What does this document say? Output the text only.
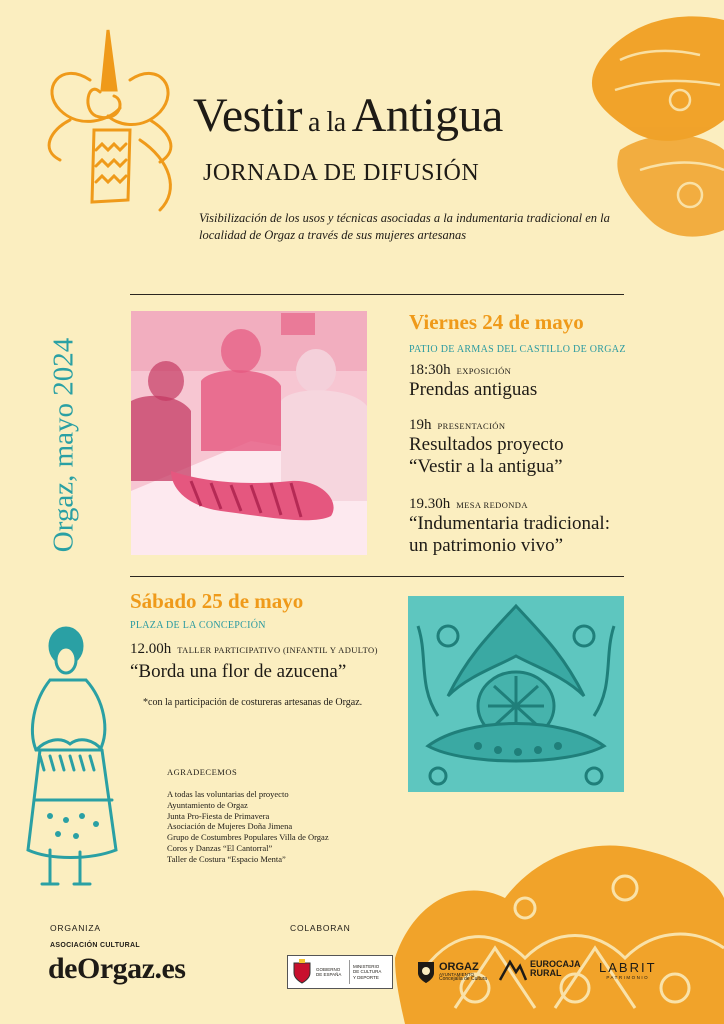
Vestir a la Antigua
JORNADA DE DIFUSIÓN
Visibilización de los usos y técnicas asociadas a la indumentaria tradicional en la localidad de Orgaz a través de sus mujeres artesanas
Orgaz, mayo 2024
Viernes 24 de mayo
PATIO DE ARMAS DEL CASTILLO DE ORGAZ
18:30h EXPOSICIÓN
Prendas antiguas
19h PRESENTACIÓN
Resultados proyecto
“Vestir a la antigua”
19.30h MESA REDONDA
“Indumentaria tradicional:
un patrimonio vivo”
Sábado 25 de mayo
PLAZA DE LA CONCEPCIÓN
12.00h TALLER PARTICIPATIVO (INFANTIL Y ADULTO)
“Borda una flor de azucena”
*con la participación de costureras artesanas de Orgaz.
AGRADECEMOS
A todas las voluntarias del proyecto
Ayuntamiento de Orgaz
Junta Pro-Fiesta de Primavera
Asociación de Mujeres Doña Jimena
Grupo de Costumbres Populares Villa de Orgaz
Coros y Danzas “El Cantorral”
Taller de Costura “Espacio Menta”
ORGANIZA
ASOCIACIÓN CULTURAL
deOrgaz.es
COLABORAN
GOBIERNO
DE ESPAÑA
MINISTERIO
DE CULTURA
Y DEPORTE
ORGAZ
AYUNTAMIENTO
Concejalía de Cultura
EUROCAJA
RURAL	LABRIT
PATRIMONIO
